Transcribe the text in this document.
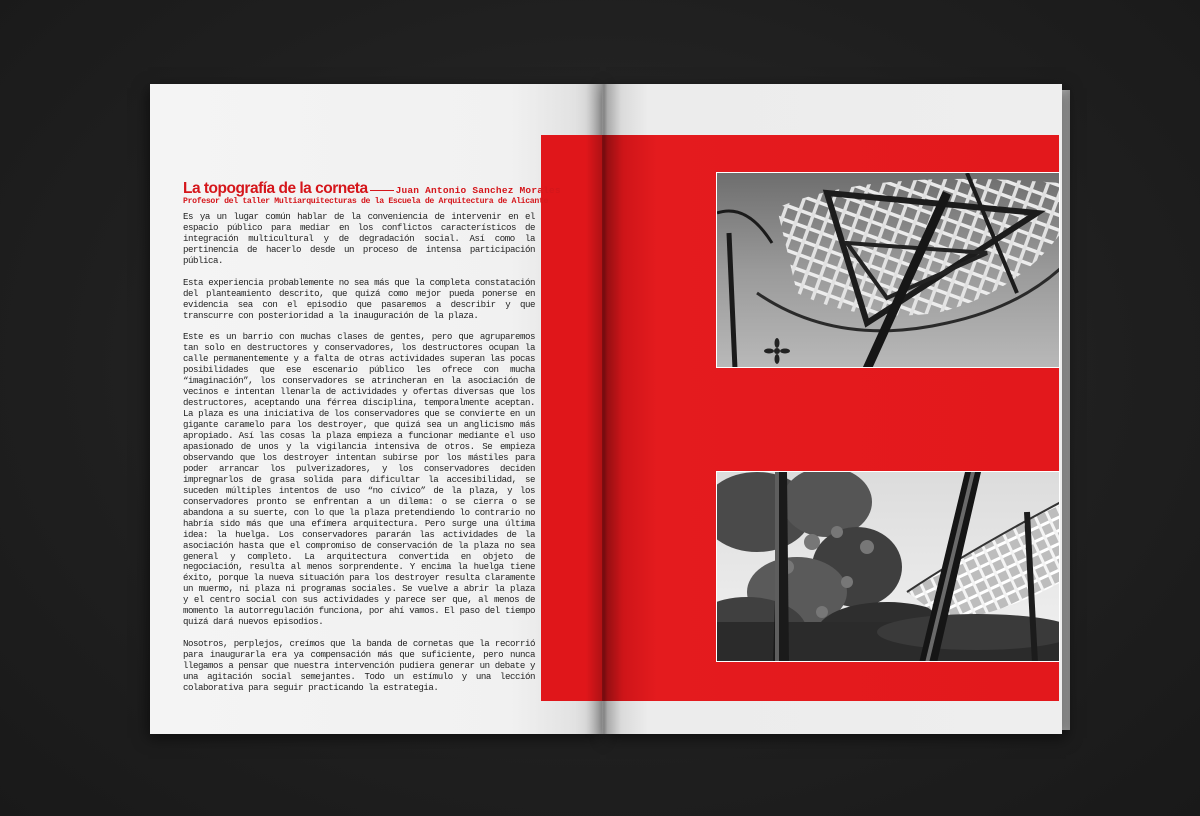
La topografía de la corneta	Juan Antonio Sanchez Morales
Profesor del taller Multiarquitecturas de la Escuela de Arquitectura de Alicante

Es ya un lugar común hablar de la conveniencia de intervenir en el espacio público para mediar en los conflictos característicos de integración multicultural y de degradación social. Así como la pertinencia de hacerlo desde un proceso de intensa participación pública.

Esta experiencia probablemente no sea más que la completa constatación del planteamiento descrito, que quizá como mejor pueda ponerse en evidencia sea con el episodio que pasaremos a describir y que transcurre con posterioridad a la inauguración de la plaza.

Este es un barrio con muchas clases de gentes, pero que agruparemos tan solo en destructores y conservadores, los destructores ocupan la calle permanentemente y a falta de otras actividades superan las pocas posibilidades que ese escenario público les ofrece con mucha “imaginación”, los conservadores se atrincheran en la asociación de vecinos e intentan llenarla de actividades y ofertas diversas que los destructores, aceptando una férrea disciplina, temporalmente aceptan. La plaza es una iniciativa de los conservadores que se convierte en un gigante caramelo para los destroyer, que quizá sea un anglicismo más apropiado. Así las cosas la plaza empieza a funcionar mediante el uso apasionado de unos y la vigilancia intensiva de otros. Se empieza observando que los destroyer intentan subirse por los mástiles para poder arrancar los pulverizadores, y los conservadores deciden impregnarlos de grasa solida para dificultar la accesibilidad, se suceden múltiples intentos de uso “no cívico” de la plaza, y los conservadores pronto se enfrentan a un dilema: o se cierra o se abandona a su suerte, con lo que la plaza pretendiendo lo contrario no habría sido más que una efímera arquitectura. Pero surge una última idea: la huelga. Los conservadores pararán las actividades de la asociación hasta que el compromiso de conservación de la plaza no sea general y completo. La arquitectura convertida en objeto de negociación, resulta al menos sorprendente. Y encima la huelga tiene éxito, porque la nueva situación para los destroyer resulta claramente un muermo, ni plaza ni programas sociales. Se vuelve a abrir la plaza y el centro social con sus actividades y parece ser que, al menos de momento la autorregulación funciona, por ahí vamos. El paso del tiempo quizá dará nuevos episodios.

Nosotros, perplejos, creímos que la banda de cornetas que la recorrió para inaugurarla era ya compensación más que suficiente, pero nunca llegamos a pensar que nuestra intervención pudiera generar un debate y una agitación social semejantes. Todo un estímulo y una lección colaborativa para seguir practicando la estrategia.
